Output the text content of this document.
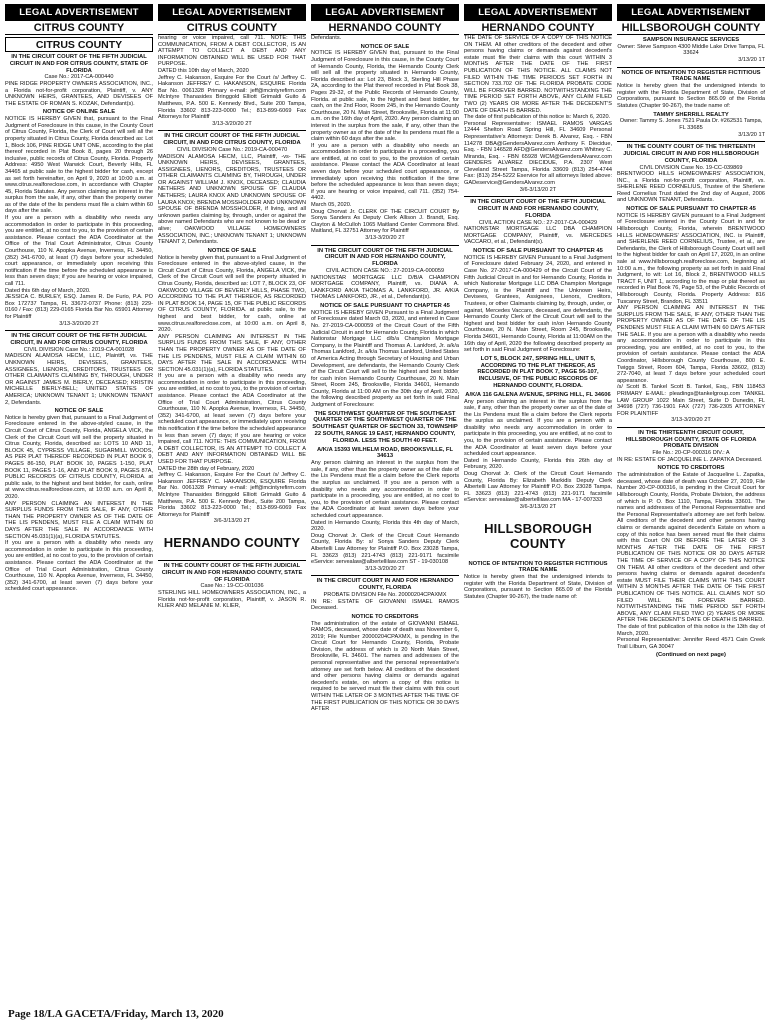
LEGAL ADVERTISEMENT
CITRUS COUNTY
CITRUS COUNTY
IN THE CIRCUIT COURT OF THE FIFTH JUDICIAL CIRCUIT IN AND FOR CITRUS COUNTY, STATE OF FLORIDA

Case No.: 2017-CA-000440

PINE RIDGE PROPERTY OWNERS ASSOCIATION, INC., a Florida not-for-profit corporation, Plaintiff, v. ANY UNKNOWN HEIRS, GRANTEES, AND DEVISEES OF THE ESTATE OF ROMAN S. KOZAK, Defendant(s).

NOTICE OF ONLINE SALE

NOTICE IS HEREBY GIVEN that, pursuant to the Final Judgment of Foreclosure in this cause, in the County Court of Citrus County, Florida, the Clerk of Court will sell all the property situated in Citrus County, Florida described as: Lot 1, Block 106, PINE RIDGE UNIT ONE, according to the plat thereof recorded in Plat Book 8, pages 20 through 26 inclusive, public records of Citrus County, Florida. Property Address: 4950 West Warwick Court, Beverly Hills, FL 34465 at public sale to the highest bidder for cash, except as set forth hereinafter, on April 9, 2020 at 10:00 a.m. at www.citrus.realforeclose.com, in accordance with Chapter 45, Florida Statutes. Any person claiming an interest in the surplus from the sale, if any, other than the property owner as of the date of the lis pendens must file a claim within 60 days after the sale.

If you are a person with a disability who needs any accommodation in order to participate in this proceeding, you are entitled, at no cost to you, to the provision of certain assistance. Please contact the ADA Coordinator at the Office of the Trial Court Administrator, Citrus County Courthouse, 110 N. Apopka Avenue, Inverness, FL 34450, (352) 341-6700, at least (7) days before your scheduled court appearance, or immediately upon receiving this notification if the time before the scheduled appearance is less than seven days; if you are hearing or voice impaired, call 711.

Dated this 6th day of March, 2020.

JESSICA C. BURLEY, ESQ. James R. De Furio, P.A. PO Box 172737 Tampa, FL 33672-0737 Phone: (813) 229-0160 / Fax: (813) 229-0165 Florida Bar No. 65901 Attorney for Plaintiff

3/13-3/20/20 2T

IN THE CIRCUIT COURT OF THE FIFTH JUDICIAL CIRCUIT, IN AND FOR CITRUS COUNTY, FLORIDA

CIVIL DIVISION Case No.: 2019-CA-001028

MADISON ALAMOSA HECM, LLC, Plaintiff, vs. THE UNKNOWN HEIRS, DEVISEES, GRANTEES, ASSIGNEES, LIENORS, CREDITORS, TRUSTEES OR OTHER CLAIMANTS CLAIMING BY, THROUGH, UNDER OR AGAINST JAMES M. BIERLY, DECEASED; KRISTIN MICHELLE BIERLY-BELL; UNITED STATES OF AMERICA; UNKNOWN TENANT 1; UNKNOWN TENANT 2, Defendants.

NOTICE OF SALE

Notice is hereby given that, pursuant to a Final Judgment of Foreclosure entered in the above-styled cause, in the Circuit Court of Citrus County, Florida, ANGELA VICK, the Clerk of the Circuit Court will sell the property situated in Citrus County, Florida, described as: LOTS 10 AND 11, BLOCK 45, CYPRESS VILLAGE, SUGARMILL WOODS, AS PER PLAT THEREOF RECORDED IN PLAT BOOK 9, PAGES 86-150, PLAT BOOK 10, PAGES 1-150, PLAT BOOK 11, PAGES 1-16, AND PLAT BOOK 9, PAGES 87A, PUBLIC RECORDS OF CITRUS COUNTY, FLORIDA. at public sale, to the highest and best bidder, for cash, online at www.citrus.realforeclose.com, at 10:00 a.m. on April 8, 2020.

ANY PERSON CLAIMING AN INTEREST IN THE SURPLUS FUNDS FROM THIS SALE, IF ANY, OTHER THAN THE PROPERTY OWNER AS OF THE DATE OF THE LIS PENDENS, MUST FILE A CLAIM WITHIN 60 DAYS AFTER THE SALE IN ACCORDANCE WITH SECTION 45.031(1)(a), FLORIDA STATUTES.

If you are a person with a disability who needs any accommodation in order to participate in this proceeding, you are entitled, at no cost to you, to the provision of certain assistance. Please contact the ADA Coordinator at the Office of Trial Court Administration, Citrus County Courthouse, 110 N. Apopka Avenue, Inverness, FL 34450, (352) 341-6700, at least seven (7) days before your scheduled court appearance.

LEGAL ADVERTISEMENT
CITRUS COUNTY

hearing or voice impaired, call 711. NOTE: THIS COMMUNICATION, FROM A DEBT COLLECTOR, IS AN ATTEMPT TO COLLECT A DEBT AND ANY INFORMATION OBTAINED WILL BE USED FOR THAT PURPOSE.

DATED this 10th day of March, 2020

Jeffrey C. Hakanson, Esquire For the Court /s/ Jeffrey C. Hakanson JEFFREY C. HAKANSON, ESQUIRE Florida Bar No. 0061328 Primary e-mail: jeff@mcintyrefirm.com McIntyre Thanasides Bringgold Elliott Grimaldi Guito & Matthews, P.A. 500 E. Kennedy Blvd., Suite 200 Tampa, Florida 33602 813-223-0000 Tel.; 813-899-6069 Fax Attorneys for Plaintiff

3/13-3/20/20 2T

IN THE CIRCUIT COURT OF THE FIFTH JUDICIAL CIRCUIT, IN AND FOR CITRUS COUNTY, FLORIDA

CIVIL DIVISION Case No.: 2019-CA-000470

MADISON ALAMOSA HECM, LLC, Plaintiff, -vs- THE UNKNOWN HEIRS, DEVISEES, GRANTEES, ASSIGNEES, LIENORS, CREDITORS, TRUSTEES OR OTHER CLAIMANTS CLAIMING BY, THROUGH, UNDER OR AGAINST WILLIAM J. KNOX, DECEASED; CLAUDIA NETHERS AND UNKNOWN SPOUSE OF CLAUDIA NETHERS; LAURA KNOX AND UNKNOWN SPOUSE OF LAURA KNOX; BRENDA MOSSHOLDER AND UNKNOWN SPOUSE OF BRENDA MOSSHOLDER, if living, and all unknown parties claiming by, through, under or against the above named Defendants who are not known to be dead or alive; OAKWOOD VILLAGE HOMEOWNERS ASSOCIATION, INC.; UNKNOWN TENANT 1; UNKNOWN TENANT 2, Defendants.

NOTICE OF SALE

Notice is hereby given that, pursuant to a Final Judgment of Foreclosure entered in the above-styled cause, in the Circuit Court of Citrus County, Florida, ANGELA VICK, the Clerk of the Circuit Court will sell the property situated in Citrus County, Florida, described as: LOT 7, BLOCK 23, OF OAKWOOD VILLAGE OF BEVERLY HILLS, PHASE TWO, ACCORDING TO THE PLAT THEREOF, AS RECORDED IN PLAT BOOK 14, PAGE 15, OF THE PUBLIC RECORDS OF CITRUS COUNTY, FLORIDA. at public sale, to the highest and best bidder, for cash, online at www.citrus.realforeclose.com, at 10:00 a.m. on April 8, 2020.

ANY PERSON CLAIMING AN INTEREST IN THE SURPLUS FUNDS FROM THIS SALE, IF ANY, OTHER THAN THE PROPERTY OWNER AS OF THE DATE OF THE LIS PENDENS, MUST FILE A CLAIM WITHIN 60 DAYS AFTER THE SALE IN ACCORDANCE WITH SECTION 45.031(1)(a), FLORIDA STATUTES.

If you are a person with a disability who needs any accommodation in order to participate in this proceeding, you are entitled, at no cost to you, to the provision of certain assistance. Please contact the ADA Coordinator at the Office of Trial Court Administration, Citrus County Courthouse, 110 N. Apopka Avenue, Inverness, FL 34450, (352) 341-6700, at least seven (7) days before your scheduled court appearance, or immediately upon receiving this notification if the time before the scheduled appearance is less than seven (7) days; if you are hearing or voice impaired, call 711. NOTE: THIS COMMUNICATION, FROM A DEBT COLLECTOR, IS AN ATTEMPT TO COLLECT A DEBT AND ANY INFORMATION OBTAINED WILL BE USED FOR THAT PURPOSE.

DATED the 28th day of February, 2020

Jeffrey C. Hakanson, Esquire For the Court /s/ Jeffrey C. Hakanson JEFFREY C. HAKANSON, ESQUIRE Florida Bar No. 0061328 Primary e-mail: jeff@mcintyrefirm.com McIntyre Thanasides Bringgold Elliott Grimaldi Guito & Matthews, P.A. 500 E. Kennedy Blvd., Suite 200 Tampa, Florida 33602 813-223-0000 Tel.; 813-899-6069 Fax Attorneys for Plaintiff

3/6-3/13/20 2T

HERNANDO COUNTY
IN THE COUNTY COURT OF THE FIFTH JUDICIAL CIRCUIT IN AND FOR HERNANDO COUNTY, STATE OF FLORIDA

Case No.: 19-CC-001036

STERLING HILL HOMEOWNERS ASSOCIATION, INC., a Florida not-for-profit corporation, Plaintiff, v. JASON R. KLIER AND MELANIE M. KLIER,

LEGAL ADVERTISEMENT
HERNANDO COUNTY

Defendants.

NOTICE OF SALE

NOTICE IS HEREBY GIVEN that, pursuant to the Final Judgment of Foreclosure in this cause, in the County Court of Hernando County, Florida, the Hernando County Clerk will sell all the property situated in Hernando County, Florida described as: Lot 23, Block 3, Sterling Hill Phase 2A, according to the Plat thereof recorded in Plat Book 38, Pages 29-32, of the Public Records of Hernando County, Florida. at public sale, to the highest and best bidder, for cash, on the 2nd Floor, Room 245, in the Hernando County Courthouse, 20 N. Main Street, Brooksville, Florida at 11:00 a.m. on the 16th day of April, 2020. Any person claiming an interest in the surplus from the sale, if any, other than the property owner as of the date of the lis pendens must file a claim within 60 days after the sale.

If you are a person with a disability who needs an accommodation in order to participate in a proceeding, you are entitled, at no cost to you, to the provision of certain assistance. Please contact the ADA Coordinator at least seven days before your scheduled court appearance, or immediately upon receiving this notification if the time before the scheduled appearance is less than seven days; if you are hearing or voice impaired, call 711. (352) 754-4402.

March 05, 2020.

Doug Chorvat Jr. CLERK OF THE CIRCUIT COURT By Sonya Sanders As Deputy Clerk Allison J. Brandt, Esq. Clayton & McCulloh 1065 Maitland Center Commons Blvd. Maitland, FL 32751 Attorney for Plaintiff

3/13-3/20/20 2T

IN THE CIRCUIT COURT OF THE FIFTH JUDICIAL CIRCUIT IN AND FOR HERNANDO COUNTY, FLORIDA

CIVIL ACTION CASE NO.: 27-2019-CA-000059

NATIONSTAR MORTGAGE LLC D/B/A CHAMPION MORTGAGE COMPANY, Plaintiff, vs. DIANA A. LANKFORD A/K/A THOMAS A. LANKFORD, JR. A/K/A THOMAS LANKFORD, JR., et al., Defendant(s).

NOTICE OF SALE PURSUANT TO CHAPTER 45

NOTICE IS HEREBY GIVEN Pursuant to a Final Judgment of Foreclosure dated March 03, 2020, and entered in Case No. 27-2019-CA-000059 of the Circuit Court of the Fifth Judicial Circuit in and for Hernando County, Florida in which Nationstar Mortgage LLC d/b/a Champion Mortgage Company, is the Plaintiff and Thomas A. Lankford, Jr. a/k/a Thomas Lankford, Jr. a/k/a Thomas Lankford, United States of America Acting through Secretary of Housing and Urban Development, are defendants, the Hernando County Clerk of the Circuit Court will sell to the highest and best bidder for cash in/on Hernando County Courthouse, 20 N. Main Street, Room 245, Brooksville, Florida 34601, Hernando County, Florida at 11:00 AM on the 30th day of April, 2020, the following described property as set forth in said Final Judgment of Foreclosure:

THE SOUTHWEST QUARTER OF THE SOUTHEAST QUARTER OF THE SOUTHWEST QUARTER OF THE SOUTHEAST QUARTER OF SECTION 33, TOWNSHIP 22 SOUTH, RANGE 19 EAST, HERNANDO COUNTY, FLORIDA. LESS THE SOUTH 40 FEET.
A/K/A 15393 WILHELM ROAD, BROOKSVILLE, FL 34613

Any person claiming an interest in the surplus from the sale, if any, other than the property owner as of the date of the Lis Pendens must file a claim before the Clerk reports the surplus as unclaimed. If you are a person with a disability who needs any accommodation in order to participate in a proceeding, you are entitled, at no cost to you, to the provision of certain assistance. Please contact the ADA Coordinator at least seven days before your scheduled court appearance.

Dated in Hernando County, Florida this 4th day of March, 2020.

Doug Chorvat Jr. Clerk of the Circuit Court Hernando County, Florida By: s/ Sonya Sanders Deputy Clerk Albertelli Law Attorney for Plaintiff P.O. Box 23028 Tampa, FL 33623 (813) 221-4743 (813) 221-9171 facsimile eService: servealaw@albertellilaw.com ST - 19-030108

3/13-3/20/20 2T

IN THE CIRCUIT COURT IN AND FOR HERNANDO COUNTY, FLORIDA

PROBATE DIVISION File No. 20000204CPAXMX

IN RE: ESTATE OF GIOVANNI ISMAEL RAMOS Deceased.

NOTICE TO CREDITORS

The administration of the estate of GIOVANNI ISMAEL RAMOS, deceased, whose date of death was November 6, 2019; File Number 20000204CPAXMX, is pending in the Circuit Court for Hernando County, Florida, Probate Division, the address of which is 20 North Main Street, Brooksville, FL 34601. The names and addresses of the personal representative and the personal representative's attorney are set forth below. All creditors of the decedent and other persons having claims or demands against decedent's estate, on whom a copy of this notice is required to be served must file their claims with this court WITHIN THE LATER OF 3 MONTHS AFTER THE TIME OF THE FIRST PUBLICATION OF THIS NOTICE OR 30 DAYS AFTER

LEGAL ADVERTISEMENT
HERNANDO COUNTY

THE DATE OF SERVICE OF A COPY OF THIS NOTICE ON THEM. All other creditors of the decedent and other persons having claims or demands against decedent's estate must file their claims with this court WITHIN 3 MONTHS AFTER THE DATE OF THE FIRST PUBLICATION OF THIS NOTICE. ALL CLAIMS NOT FILED WITHIN THE TIME PERIODS SET FORTH IN SECTION 733.702 OF THE FLORIDA PROBATE CODE WILL BE FOREVER BARRED. NOTWITHSTANDING THE TIME PERIOD SET FORTH ABOVE, ANY CLAIM FILED TWO (2) YEARS OR MORE AFTER THE DECEDENT'S DATE OF DEATH IS BARRED.

The date of first publication of this notice is: March 6, 2020.

Personal Representative: ISMAEL RAMOS VARGAS 12444 Shelton Road Spring Hill, FL 34609 Personal Representative's Attorneys: Derek B. Alvarez, Esq. - FBN 114278 DBA@GendersAlvarez.com Anthony F. Diecidue, Esq. - FBN 146528 AFD@GendersAlvarez.com Whitney C. Miranda, Esq. - FBN 65928 WCM@GendersAlvarez.com GENDERS ALVAREZ DIECIDUE, P.A. 2307 West Cleveland Street Tampa, Florida 33609 (813) 254-4744 Fax: (813) 254-5222 Eservice for all attorneys listed above: GADeservice@GendersAlvarez.com

3/6-3/13/20 2T

IN THE CIRCUIT COURT OF THE FIFTH JUDICIAL CIRCUIT IN AND FOR HERNANDO COUNTY, FLORIDA

CIVIL ACTION CASE NO.: 27-2017-CA-000429

NATIONSTAR MORTGAGE LLC DBA CHAMPION MORTGAGE COMPANY, Plaintiff, vs. MERCEDES VACCARO, et al., Defendant(s).

NOTICE OF SALE PURSUANT TO CHAPTER 45

NOTICE IS HEREBY GIVEN Pursuant to a Final Judgment of Foreclosure dated February 24, 2020, and entered in Case No. 27-2017-CA-000429 of the Circuit Court of the Fifth Judicial Circuit in and for Hernando County, Florida in which Nationstar Mortgage LLC DBA Champion Mortgage Company, is the Plaintiff and The Unknown Heirs, Devisees, Grantees, Assignees, Lienors, Creditors, Trustees, or other Claimants claiming by, through, under, or against, Mercedes Vaccaro, deceased, are defendants, the Hernando County Clerk of the Circuit Court will sell to the highest and best bidder for cash in/on Hernando County Courthouse, 20 N. Main Street, Room 245, Brooksville, Florida 34601, Hernando County, Florida at 11:00AM on the 16th day of April, 2020 the following described property as set forth in said Final Judgment of Foreclosure:

LOT 5, BLOCK 247, SPRING HILL, UNIT 5, ACCORDING TO THE PLAT THEREOF, AS RECORDED IN PLAT BOOK 7, PAGE 56-107, INCLUSIVE, OF THE PUBLIC RECORDS OF HERNANDO COUNTY, FLORIDA.
A/K/A 116 GALENA AVENUE, SPRING HILL, FL 34606

Any person claiming an interest in the surplus from the sale, if any, other than the property owner as of the date of the Lis Pendens must file a claim before the Clerk reports the surplus as unclaimed. If you are a person with a disability who needs any accommodation in order to participate in this proceeding, you are entitled, at no cost to you, to the provision of certain assistance. Please contact the ADA Coordinator at least seven days before your scheduled court appearance.

Dated in Hernando County, Florida this 26th day of February, 2020.

Doug Chorvat Jr. Clerk of the Circuit Court Hernando County, Florida By: Elizabeth Markidis Deputy Clerk Albertelli Law Attorney for Plaintiff P.O. Box 23028 Tampa, FL 33623 (813) 221-4743 (813) 221-9171 facsimile eService: servealaw@albertellilaw.com MA - 17-007333

3/6-3/13/20 2T

HILLSBOROUGH
COUNTY
NOTICE OF INTENTION TO REGISTER FICTITIOUS TRADE NAME

Notice is hereby given that the undersigned intends to register with the Florida Department of State, Division of Corporations, pursuant to Section 865.09 of the Florida Statutes (Chapter 90-267), the trade name of:

LEGAL ADVERTISEMENT
HILLSBOROUGH COUNTY
SAMPSON INSURANCE SERVICES

Owner: Steve Sampson 4300 Middle Lake Drive Tampa, FL 33624

3/13/20 1T

NOTICE OF INTENTION TO REGISTER FICTITIOUS TRADE NAME

Notice is hereby given that the undersigned intends to register with the Florida Department of State, Division of Corporations, pursuant to Section 865.09 of the Florida Statutes (Chapter 90-267), the trade name of:

TAMMY SHERRILL REALTY

Owner: Tammy S. Jones 7521 Paula Dr. #262531 Tampa, FL 33685

3/13/20 1T

IN THE COUNTY COURT OF THE THIRTEENTH JUDICIAL CIRCUIT IN AND FOR HILLSBOROUGH COUNTY, FLORIDA

CIVIL DIVISION Case No. 19-CC-039869

BRENTWOOD HILLS HOMEOWNERS' ASSOCIATION, INC., a Florida not-for-profit corporation, Plaintiff, vs. SHERLENE REED CORNELIUS, Trustee of the Sherlene Reed Cornelius Trust dated the 2nd day of August, 2006 and UNKNOWN TENANT, Defendants.

NOTICE OF SALE PURSUANT TO CHAPTER 45

NOTICE IS HEREBY GIVEN pursuant to a Final Judgment of Foreclosure entered in the County Court in and for Hillsborough County, Florida, wherein BRENTWOOD HILLS HOMEOWNERS' ASSOCIATION, INC. is Plaintiff, and SHERLENE REED CORNELIUS, Trustee, et al., are Defendants, the Clerk of Hillsborough County Court will sell to the highest bidder for cash on April 17, 2020, in an online sale at www.hillsborough.realforeclose.com, beginning at 10:00 a.m., the following property as set forth in said Final Judgment, to wit: Lot 16, Block 2, BRENTWOOD HILLS TRACT F, UNIT 1, according to the map or plat thereof as recorded in Plat Book 76, Page 53, of the Public Records of Hillsborough County, Florida. Property Address: 816 Tuscanny Street, Brandon, FL 33511

ANY PERSON CLAIMING AN INTEREST IN THE SURPLUS FROM THE SALE, IF ANY, OTHER THAN THE PROPERTY OWNER AS OF THE DATE OF THE LIS PENDENS MUST FILE A CLAIM WITHIN 60 DAYS AFTER THE SALE. If you are a person with a disability who needs any accommodation in order to participate in this proceeding, you are entitled, at no cost to you, to the provision of certain assistance. Please contact the ADA Coordinator, Hillsborough County Courthouse, 800 E. Twiggs Street, Room 604, Tampa, Florida 33602, (813) 272-7040, at least 7 days before your scheduled court appearance.

/s/ Scott B. Tankel Scott B. Tankel, Esq., FBN 118453 PRIMARY E-MAIL: pleadings@tankelgroup.com TANKEL LAW GROUP 1022 Main Street, Suite D Dunedin, FL 34698 (727) 736-1901 FAX (727) 736-2305 ATTORNEY FOR PLAINTIFF

3/13-3/20/20 2T

IN THE THIRTEENTH CIRCUIT COURT, HILLSBOROUGH COUNTY, STATE OF FLORIDA PROBATE DIVISION

File No.: 20-CP-000316 DIV.: A

IN RE: ESTATE OF JACQUELINE L. ZAPATKA Deceased.

NOTICE TO CREDITORS

The administration of the Estate of Jacqueline L. Zapatka, deceased, whose date of death was October 27, 2019, File Number 20-CP-000316, is pending in the Circuit Court for Hillsborough County, Florida, Probate Division, the address of which is P. O. Box 1110, Tampa, Florida 33601. The names and addresses of the Personal Representative and the Personal Representative's attorney are set forth below. All creditors of the decedent and other persons having claims or demands against decedent's Estate on whom a copy of this notice has been served must file their claims with this Court ON OR BEFORE THE LATER OF 3 MONTHS AFTER THE DATE OF THE FIRST PUBLICATION OF THIS NOTICE OR 30 DAYS AFTER THE TIME OF SERVICE OF A COPY OF THIS NOTICE ON THEM. All other creditors of the decedent and other persons having claims or demands against decedent's estate MUST FILE THEIR CLAIMS WITH THIS COURT WITHIN 3 MONTHS AFTER THE DATE OF THE FIRST PUBLICATION OF THIS NOTICE. ALL CLAIMS NOT SO FILED WILL BE FOREVER BARRED. NOTWITHSTANDING THE TIME PERIOD SET FORTH ABOVE, ANY CLAIM FILED TWO (2) YEARS OR MORE AFTER THE DECEDENT'S DATE OF DEATH IS BARRED.

The date of first publication of this notice is the 13th day of March, 2020.

Personal Representative: Jennifer Reed 4571 Cain Creek Trail Lilburn, GA 30047

(Continued on next page)
Page 18/LA GACETA/Friday, March 13, 2020
